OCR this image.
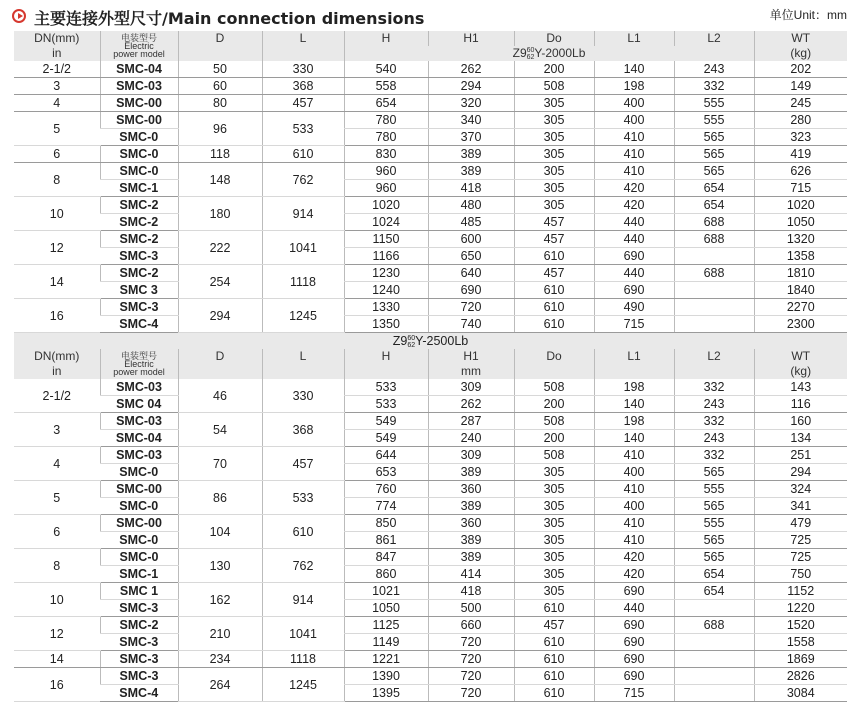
主要连接外型尺寸/Main connection dimensions	单位Unit：mm
DN(mm)	电装型号
Electric
power model	D	L	H	H1	Do	L1	L2	WT
in				Z9 60
62 Y-2000Lb					(kg)
2-1/2	SMC-04	50	330	540	262	200	140	243	202
3	SMC-03	60	368	558	294	508	198	332	149
4	SMC-00	80	457	654	320	305	400	555	245
5	SMC-00	96	533	780	340	305	400	555	280
	SMC-0			780	370	305	410	565	323
6	SMC-0	118	610	830	389	305	410	565	419
8	SMC-0	148	762	960	389	305	410	565	626
	SMC-1			960	418	305	420	654	715
10	SMC-2	180	914	1020	480	305	420	654	1020
	SMC-2			1024	485	457	440	688	1050
12	SMC-2	222	1041	1150	600	457	440	688	1320
	SMC-3			1166	650	610	690		1358
14	SMC-2	254	1118	1230	640	457	440	688	1810
	SMC 3			1240	690	610	690		1840
16	SMC-3	294	1245	1330	720	610	490		2270
	SMC-4			1350	740	610	715		2300
Z9 60
62 Y-2500Lb									
DN(mm)	电装型号
Electric
power model	D	L	H	H1	Do	L1	L2	WT
in					mm				(kg)
2-1/2	SMC-03	46	330	533	309	508	198	332	143
	SMC 04			533	262	200	140	243	116
3	SMC-03	54	368	549	287	508	198	332	160
	SMC-04			549	240	200	140	243	134
4	SMC-03	70	457	644	309	508	410	332	251
	SMC-0			653	389	305	400	565	294
5	SMC-00	86	533	760	360	305	410	555	324
	SMC-0			774	389	305	400	565	341
6	SMC-00	104	610	850	360	305	410	555	479
	SMC-0			861	389	305	410	565	725
8	SMC-0	130	762	847	389	305	420	565	725
	SMC-1			860	414	305	420	654	750
10	SMC 1	162	914	1021	418	305	690	654	1152
	SMC-3			1050	500	610	440		1220
12	SMC-2	210	1041	1125	660	457	690	688	1520
	SMC-3			1149	720	610	690		1558
14	SMC-3	234	1118	1221	720	610	690		1869
16	SMC-3	264	1245	1390	720	610	690		2826
	SMC-4			1395	720	610	715		3084
